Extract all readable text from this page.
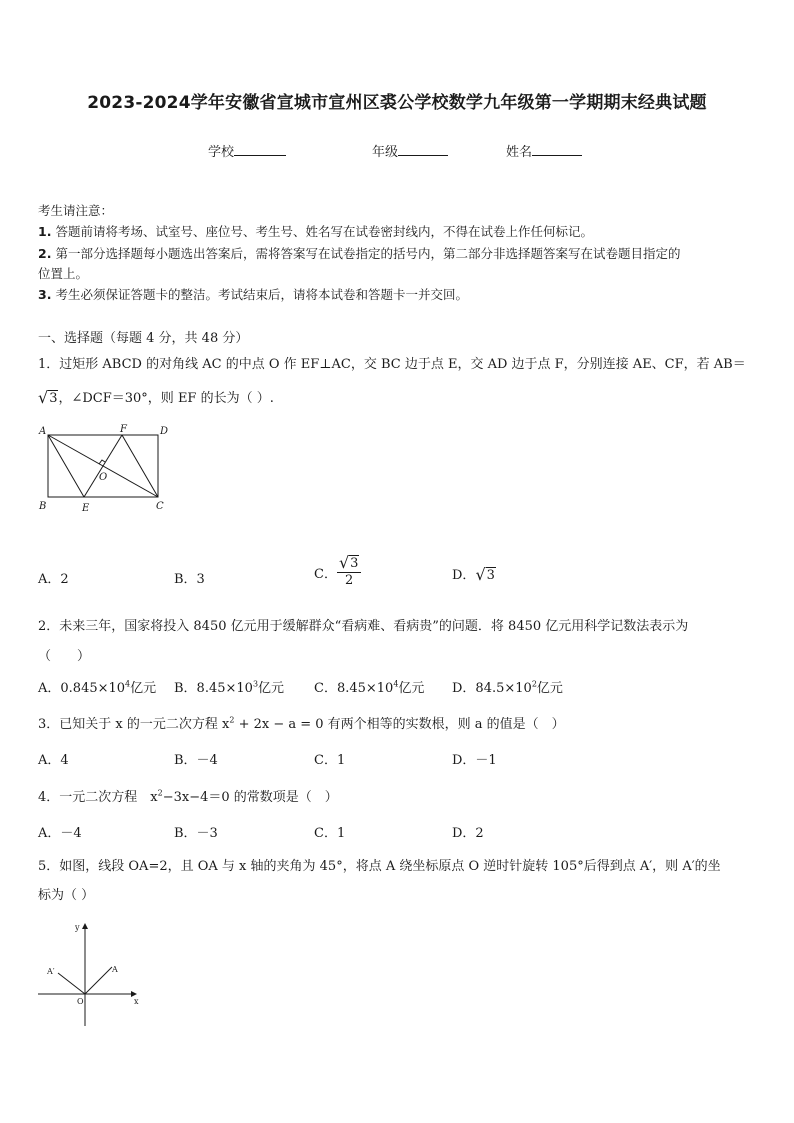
2023-2024学年安徽省宣城市宣州区裘公学校数学九年级第一学期期末经典试题
学校	年级	姓名
考生请注意：
1. 答题前请将考场、试室号、座位号、考生号、姓名写在试卷密封线内，不得在试卷上作任何标记。
2. 第一部分选择题每小题选出答案后，需将答案写在试卷指定的括号内，第二部分非选择题答案写在试卷题目指定的
位置上。
3. 考生必须保证答题卡的整洁。考试结束后，请将本试卷和答题卡一并交回。
一、选择题（每题 4 分，共 48 分）
1．过矩形 ABCD 的对角线 AC 的中点 O 作 EF⊥AC，交 BC 边于点 E，交 AD 边于点 F，分别连接 AE、CF，若 AB＝
√ 3 ，∠DCF＝30°，则 EF 的长为（ ）.
A	F	D
O
B	E	C
A．2	B．3	C． $\frac{√ 3}{2}$	D． √ 3
2．未来三年，国家将投入 8450 亿元用于缓解群众“看病难、看病贵”的问题．将 8450 亿元用科学记数法表示为
（　　）
A．$0.845\times 10^4$亿元 B．$8.45\times 10^3$亿元 C．$8.45\times 10^4$亿元 D．$84.5\times 10^2$亿元
3．已知关于 x 的一元二次方程 $x^2 + 2x - a = 0$ 有两个相等的实数根，则 a 的值是（　）
A．4	B．－4	C．1	D．－1
4．一元二次方程　$x^2-3x-4=0$ 的常数项是（　）
A．－4	B．－3	C．1	D．2
5．如图，线段 OA=2，且 OA 与 x 轴的夹角为 45°，将点 A 绕坐标原点 O 逆时针旋转 105°后得到点 A′，则 A′的坐
标为（ ）
y
x
O
A
A′
